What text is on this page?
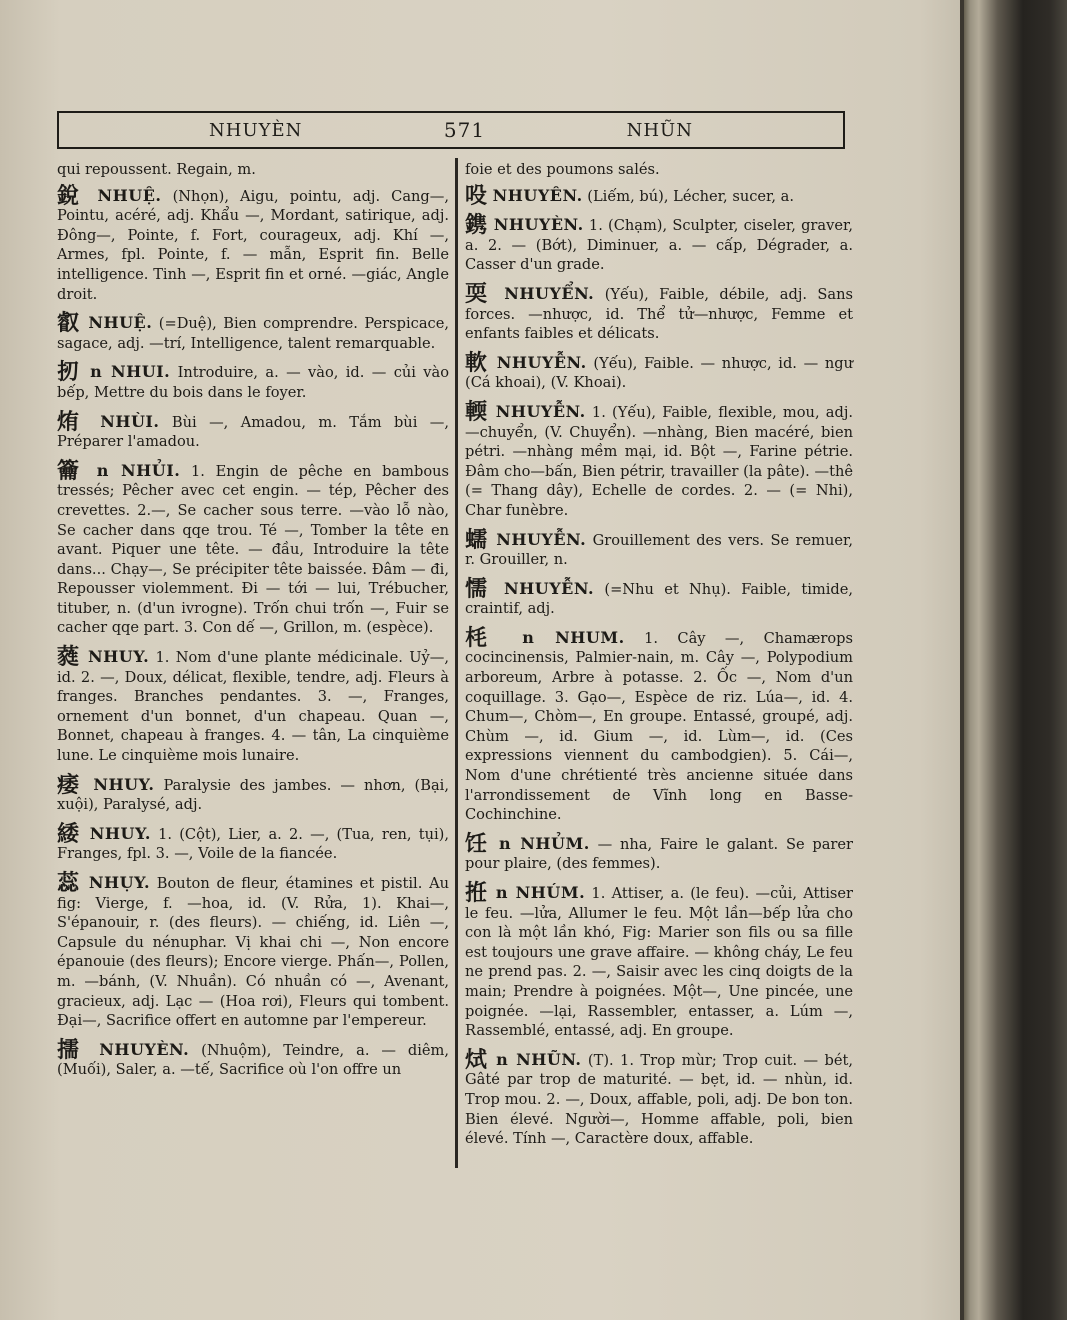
NHUYÈN	571	NHŨN
qui repoussent. Regain, m.
銳 NHUỆ. (Nhọn), Aigu, pointu, adj. Cang—, Pointu, acéré, adj. Khẩu —, Mordant, satirique, adj. Đông—, Pointe, f. Fort, courageux, adj. Khí —, Armes, fpl. Pointe, f. — mẫn, Esprit fin. Belle intelligence. Tinh —, Esprit fin et orné. —giác, Angle droit.
叡 NHUỆ. (=Duệ), Bien comprendre. Perspicace, sagace, adj. —trí, Intelligence, talent remarquable.
扨 n NHUI. Introduire, a. — vào, id. — củi vào bếp, Mettre du bois dans le foyer.
烠 NHÙI. Bùi —, Amadou, m. Tắm bùi —, Préparer l'amadou.
籥 n NHỦI. 1. Engin de pêche en bambous tressés; Pêcher avec cet engin. — tép, Pêcher des crevettes. 2.—, Se cacher sous terre. —vào lỗ nào, Se cacher dans qqe trou. Té —, Tomber la tête en avant. Piquer une tête. — đầu, Introduire la tête dans... Chạy—, Se précipiter tête baissée. Đâm — đi, Repousser violemment. Đi — tới — lui, Trébucher, tituber, n. (d'un ivrogne). Trốn chui trốn —, Fuir se cacher qqe part. 3. Con dế —, Grillon, m. (espèce).
蕤 NHUY. 1. Nom d'une plante médicinale. Uỷ—, id. 2. —, Doux, délicat, flexible, tendre, adj. Fleurs à franges. Branches pendantes. 3. —, Franges, ornement d'un bonnet, d'un chapeau. Quan —, Bonnet, chapeau à franges. 4. — tân, La cinquième lune. Le cinquième mois lunaire.
痿 NHUY. Paralysie des jambes. — nhơn, (Bại, xuội), Paralysé, adj.
緌 NHUY. 1. (Cột), Lier, a. 2. —, (Tua, ren, tụi), Franges, fpl. 3. —, Voile de la fiancée.
蕊 NHỤY. Bouton de fleur, étamines et pistil. Au fig: Vierge, f. —hoa, id. (V. Rửa, 1). Khai—, S'épanouir, r. (des fleurs). — chiếng, id. Liên —, Capsule du nénuphar. Vị khai chi —, Non encore épanouie (des fleurs); Encore vierge. Phấn—, Pollen, m. —bánh, (V. Nhuần). Có nhuần có —, Avenant, gracieux, adj. Lạc — (Hoa rơi), Fleurs qui tombent. Đại—, Sacrifice offert en automne par l'empereur.
擩 NHUYÈN. (Nhuộm), Teindre, a. — diêm, (Muối), Saler, a. —tế, Sacrifice où l'on offre un
foie et des poumons salés.
吺 NHUYÊN. (Liếm, bú), Lécher, sucer, a.
鎸 NHUYÈN. 1. (Chạm), Sculpter, ciseler, graver, a. 2. — (Bớt), Diminuer, a. — cấp, Dégrader, a. Casser d'un grade.
耎 NHUYỂN. (Yếu), Faible, débile, adj. Sans forces. —nhược, id. Thể tử—nhược, Femme et enfants faibles et délicats.
軟 NHUYỄN. (Yếu), Faible. — nhược, id. — ngư (Cá khoai), (V. Khoai).
輭 NHUYỄN. 1. (Yếu), Faible, flexible, mou, adj. —chuyển, (V. Chuyển). —nhàng, Bien macéré, bien pétri. —nhàng mềm mại, id. Bột —, Farine pétrie. Đâm cho—bấn, Bien pétrir, travailler (la pâte). —thê (= Thang dây), Echelle de cordes. 2. — (= Nhi), Char funèbre.
蠕 NHUYỄN. Grouillement des vers. Se remuer, r. Grouiller, n.
懦 NHUYỄN. (=Nhu et Nhụ). Faible, timide, craintif, adj.
枆 n NHUM. 1. Cây —, Chamærops cocincinensis, Palmier-nain, m. Cây —, Polypodium arboreum, Arbre à potasse. 2. Ốc —, Nom d'un coquillage. 3. Gạo—, Espèce de riz. Lúa—, id. 4. Chum—, Chòm—, En groupe. Entassé, groupé, adj. Chùm —, id. Gium —, id. Lùm—, id. (Ces expressions viennent du cambodgien). 5. Cái—, Nom d'une chrétienté très ancienne située dans l'arrondissement de Vĩnh long en Basse-Cochinchine.
饪 n NHỦM. — nha, Faire le galant. Se parer pour plaire, (des femmes).
拰 n NHÚM. 1. Attiser, a. (le feu). —củi, Attiser le feu. —lửa, Allumer le feu. Một lần—bếp lửa cho con là một lần khó, Fig: Marier son fils ou sa fille est toujours une grave affaire. — không cháy, Le feu ne prend pas. 2. —, Saisir avec les cinq doigts de la main; Prendre à poignées. Một—, Une pincée, une poignée. —lại, Rassembler, entasser, a. Lúm —, Rassemblé, entassé, adj. En groupe.
烒 n NHŨN. (T). 1. Trop mùr; Trop cuit. — bét, Gâté par trop de maturité. — bẹt, id. — nhùn, id. Trop mou. 2. —, Doux, affable, poli, adj. De bon ton. Bien élevé. Người—, Homme affable, poli, bien élevé. Tính —, Caractère doux, affable.
